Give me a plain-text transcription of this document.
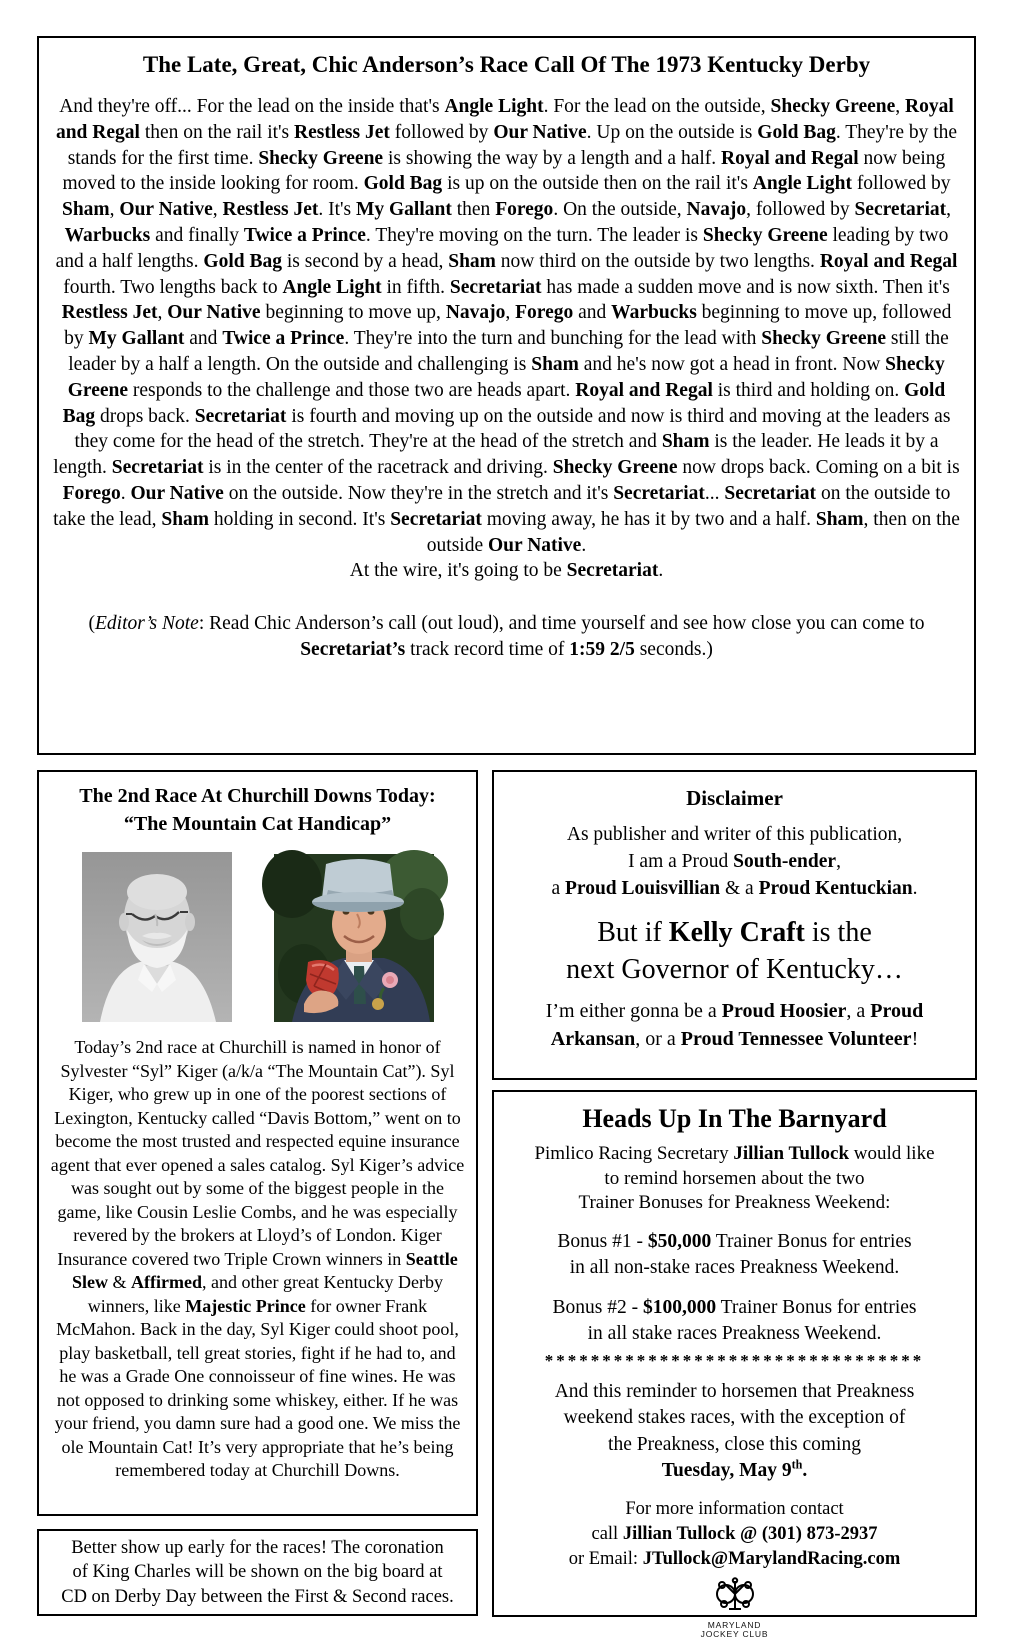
The Late, Great, Chic Anderson’s Race Call Of The 1973 Kentucky Derby
And they're off... For the lead on the inside that's Angle Light. For the lead on the outside, Shecky Greene, Royal and Regal then on the rail it's Restless Jet followed by Our Native. Up on the outside is Gold Bag. They're by the stands for the first time. Shecky Greene is showing the way by a length and a half. Royal and Regal now being moved to the inside looking for room. Gold Bag is up on the outside then on the rail it's Angle Light followed by Sham, Our Native, Restless Jet. It's My Gallant then Forego. On the outside, Navajo, followed by Secretariat, Warbucks and finally Twice a Prince. They're moving on the turn. The leader is Shecky Greene leading by two and a half lengths. Gold Bag is second by a head, Sham now third on the outside by two lengths. Royal and Regal fourth. Two lengths back to Angle Light in fifth. Secretariat has made a sudden move and is now sixth. Then it's Restless Jet, Our Native beginning to move up, Navajo, Forego and Warbucks beginning to move up, followed by My Gallant and Twice a Prince. They're into the turn and bunching for the lead with Shecky Greene still the leader by a half a length. On the outside and challenging is Sham and he's now got a head in front. Now Shecky Greene responds to the challenge and those two are heads apart. Royal and Regal is third and holding on. Gold Bag drops back. Secretariat is fourth and moving up on the outside and now is third and moving at the leaders as they come for the head of the stretch. They're at the head of the stretch and Sham is the leader. He leads it by a length. Secretariat is in the center of the racetrack and driving. Shecky Greene now drops back. Coming on a bit is Forego. Our Native on the outside. Now they're in the stretch and it's Secretariat... Secretariat on the outside to take the lead, Sham holding in second. It's Secretariat moving away, he has it by two and a half. Sham, then on the outside Our Native.
At the wire, it's going to be Secretariat.
(Editor’s Note: Read Chic Anderson’s call (out loud), and time yourself and see how close you can come to Secretariat’s track record time of 1:59 2/5 seconds.)
The 2nd Race At Churchill Downs Today:
“The Mountain Cat Handicap”
Today’s 2nd race at Churchill is named in honor of Sylvester “Syl” Kiger (a/k/a “The Mountain Cat”). Syl Kiger, who grew up in one of the poorest sections of Lexington, Kentucky called “Davis Bottom,” went on to become the most trusted and respected equine insurance agent that ever opened a sales catalog. Syl Kiger’s advice was sought out by some of the biggest people in the game, like Cousin Leslie Combs, and he was especially revered by the brokers at Lloyd’s of London. Kiger Insurance covered two Triple Crown winners in Seattle Slew & Affirmed, and other great Kentucky Derby winners, like Majestic Prince for owner Frank McMahon. Back in the day, Syl Kiger could shoot pool, play basketball, tell great stories, fight if he had to, and he was a Grade One connoisseur of fine wines. He was not opposed to drinking some whiskey, either. If he was your friend, you damn sure had a good one. We miss the ole Mountain Cat! It’s very appropriate that he’s being remembered today at Churchill Downs.
Better show up early for the races! The coronation
of King Charles will be shown on the big board at
CD on Derby Day between the First & Second races.
Disclaimer
As publisher and writer of this publication,
I am a Proud South-ender,
a Proud Louisvillian & a Proud Kentuckian.
But if Kelly Craft is the
next Governor of Kentucky…
I’m either gonna be a Proud Hoosier, a Proud
Arkansan, or a Proud Tennessee Volunteer!
Heads Up In The Barnyard
Pimlico Racing Secretary Jillian Tullock would like
to remind horsemen about the two
Trainer Bonuses for Preakness Weekend:
Bonus #1 - $50,000 Trainer Bonus for entries
in all non-stake races Preakness Weekend.
Bonus #2 - $100,000 Trainer Bonus for entries
in all stake races Preakness Weekend.
*********************************
And this reminder to horsemen that Preakness
weekend stakes races, with the exception of
the Preakness, close this coming
Tuesday, May 9th.
For more information contact
call Jillian Tullock @ (301) 873-2937
or Email: JTullock@MarylandRacing.com
MARYLAND
JOCKEY CLUB
